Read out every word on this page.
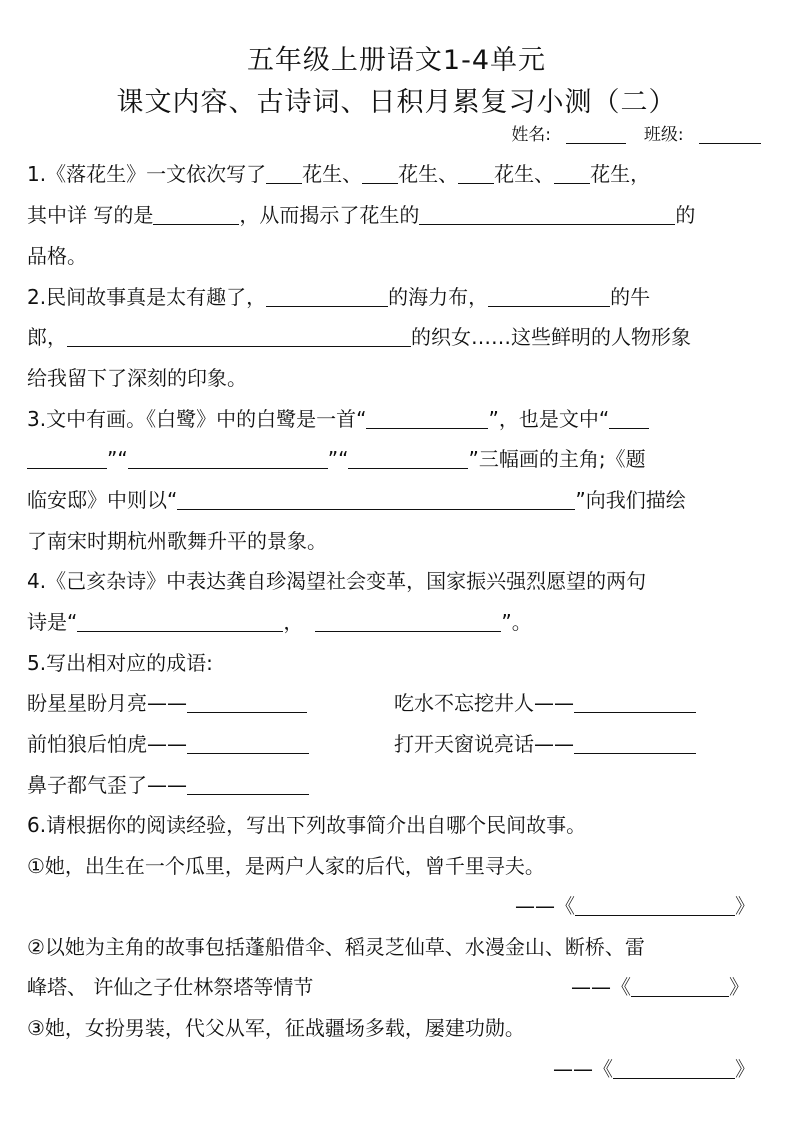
五年级上册语文1-4单元
课文内容、古诗词、日积月累复习小测（二）
姓名:	班级:
1.《落花生》一文依次写了 花生、 花生、 花生、 花生，
其中详 写的是	，从而揭示了花生的	的
品格。
2.民间故事真是太有趣了，	的海力布，	的牛
郎，	的织女……这些鲜明的人物形象
给我留下了深刻的印象。
3.文中有画。《白鹭》中的白鹭是一首“	”，也是文中“
”“	”“	”三幅画的主角;《题
临安邸》中则以“	”向我们描绘
了南宋时期杭州歌舞升平的景象。
4.《己亥杂诗》中表达龚自珍渴望社会变革，国家振兴强烈愿望的两句
诗是“	，	”。
5.写出相对应的成语:
盼星星盼月亮——	吃水不忘挖井人——
前怕狼后怕虎——	打开天窗说亮话——
鼻子都气歪了——
6.请根据你的阅读经验，写出下列故事简介出自哪个民间故事。
①她，出生在一个瓜里，是两户人家的后代，曾千里寻夫。
——《	》
②以她为主角的故事包括蓬船借伞、稻灵芝仙草、水漫金山、断桥、雷
峰塔、 许仙之子仕林祭塔等情节	——《	》
③她，女扮男装，代父从军，征战疆场多载，屡建功勋。
——《	》
